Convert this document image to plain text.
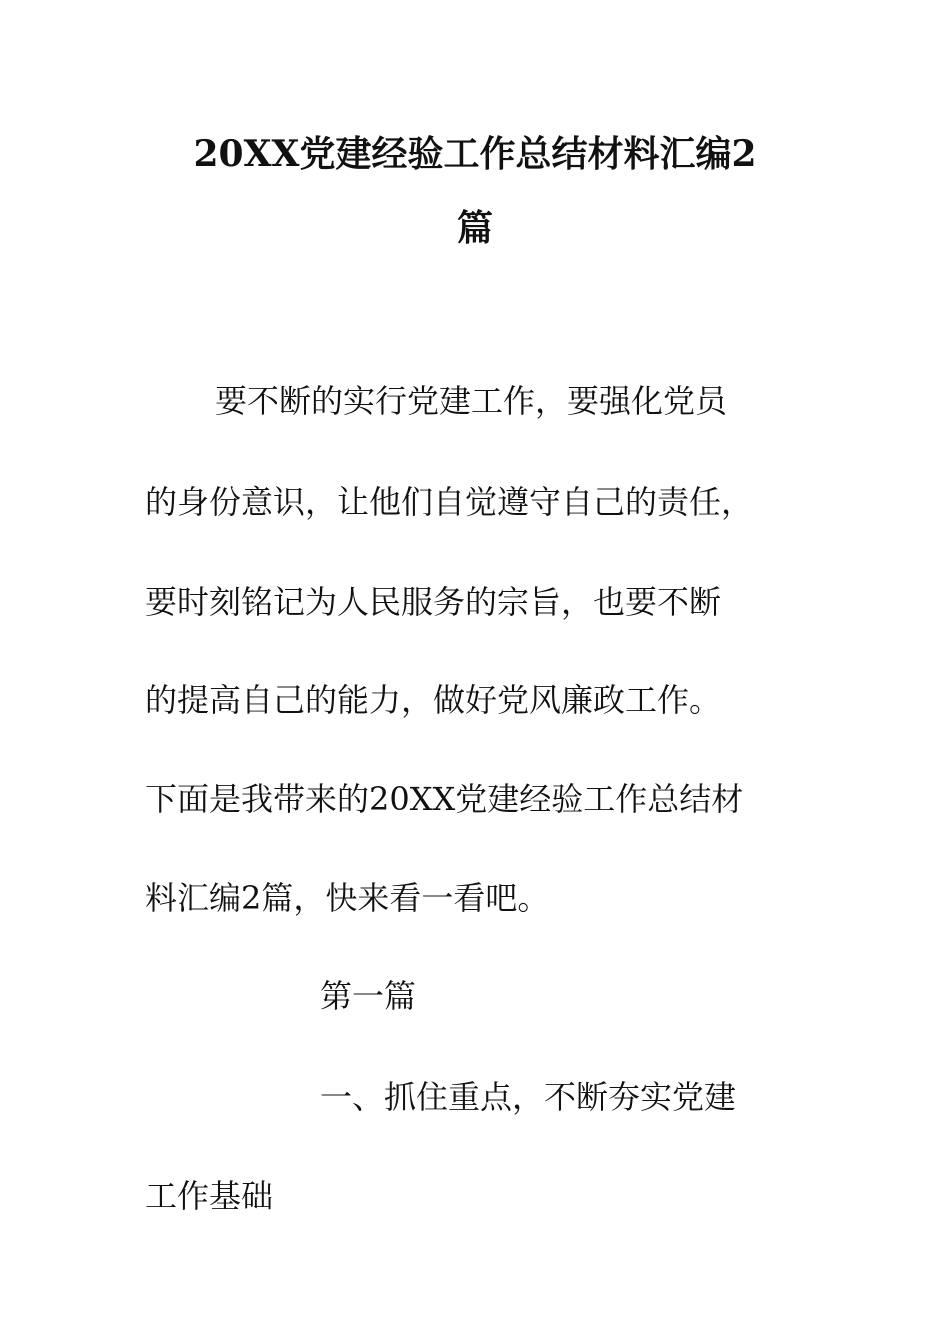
20XX党建经验工作总结材料汇编2
篇
要不断的实行党建工作，要强化党员
的身份意识，让他们自觉遵守自己的责任，
要时刻铭记为人民服务的宗旨，也要不断
的提高自己的能力，做好党风廉政工作。
下面是我带来的20XX党建经验工作总结材
料汇编2篇，快来看一看吧。
第一篇
一、抓住重点，不断夯实党建
工作基础
